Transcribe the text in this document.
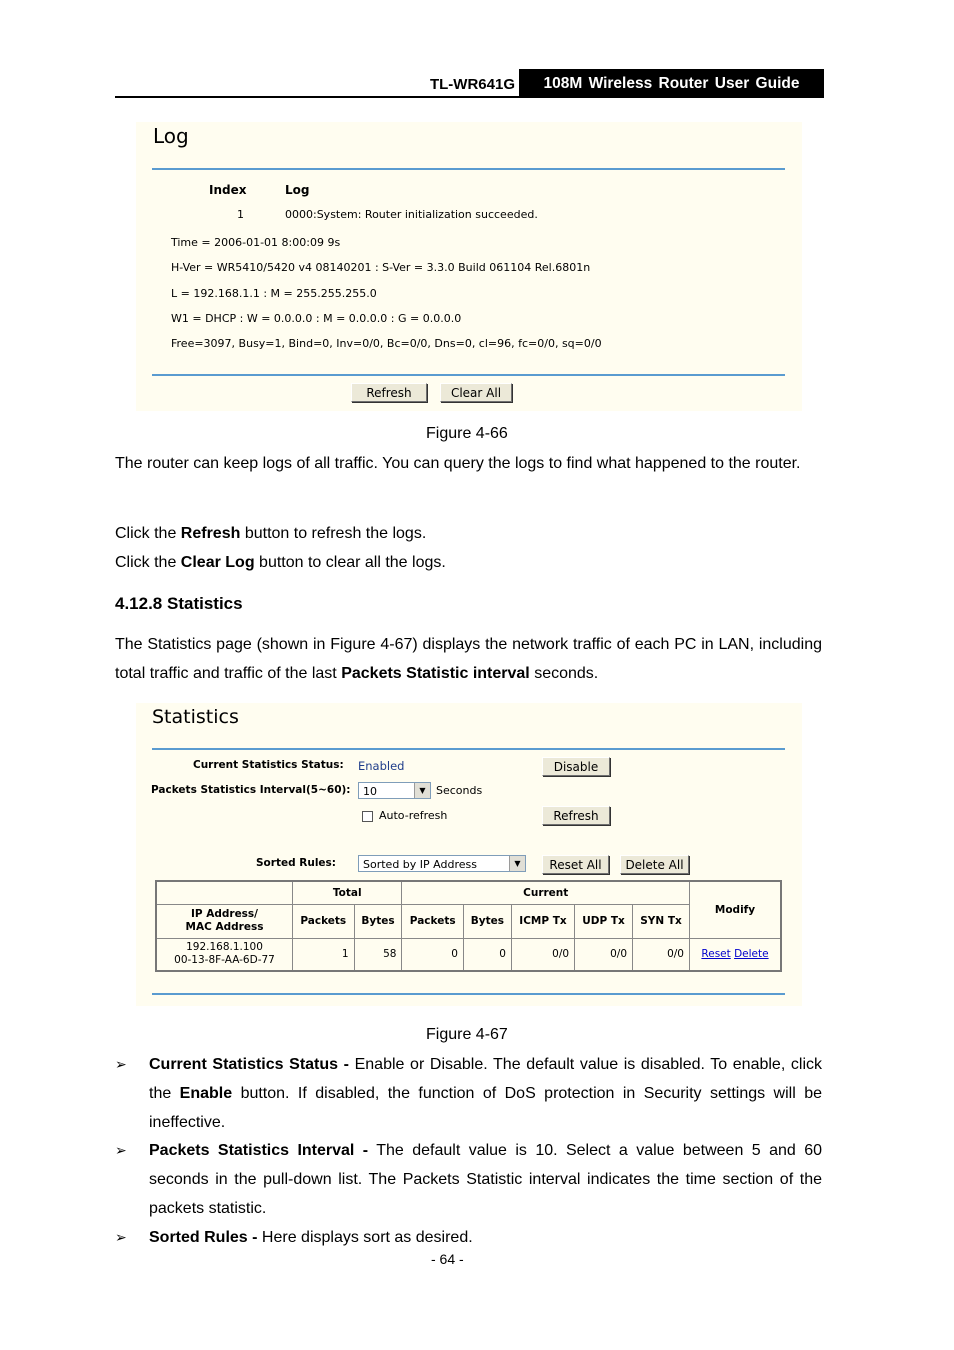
TL-WR641G	108M Wireless Router User Guide
Log
Index	Log
1	0000:System: Router initialization succeeded.
Time = 2006-01-01 8:00:09 9s
H-Ver = WR5410/5420 v4 08140201 : S-Ver = 3.3.0 Build 061104 Rel.6801n
L = 192.168.1.1 : M = 255.255.255.0
W1 = DHCP : W = 0.0.0.0 : M = 0.0.0.0 : G = 0.0.0.0
Free=3097, Busy=1, Bind=0, Inv=0/0, Bc=0/0, Dns=0, cl=96, fc=0/0, sq=0/0
Refresh	Clear All
Figure 4-66
The router can keep logs of all traffic. You can query the logs to find what happened to the router.
Click the Refresh button to refresh the logs.
Click the Clear Log button to clear all the logs.
4.12.8 Statistics
The Statistics page (shown in Figure 4-67) displays the network traffic of each PC in LAN, including total traffic and traffic of the last Packets Statistic interval seconds.
Statistics
Current Statistics Status: Enabled	Disable
Packets Statistics Interval(5~60):	10	▼ Seconds
Auto-refresh	Refresh
Sorted Rules:	Sorted by IP Address	▼	Reset All	Delete All
	Total		Current					Modify
IP Address/
MAC Address	Packets	Bytes	Packets	Bytes	ICMP Tx	UDP Tx	SYN Tx	

192.168.1.100
00-13-8F-AA-6D-77	1	58	0	0	0/0	0/0	0/0	Reset Delete
Figure 4-67
➢ Current Statistics Status - Enable or Disable. The default value is disabled. To enable, click the Enable button. If disabled, the function of DoS protection in Security settings will be ineffective.
➢ Packets Statistics Interval - The default value is 10. Select a value between 5 and 60 seconds in the pull-down list. The Packets Statistic interval indicates the time section of the packets statistic.
➢ Sorted Rules - Here displays sort as desired.
- 64 -
